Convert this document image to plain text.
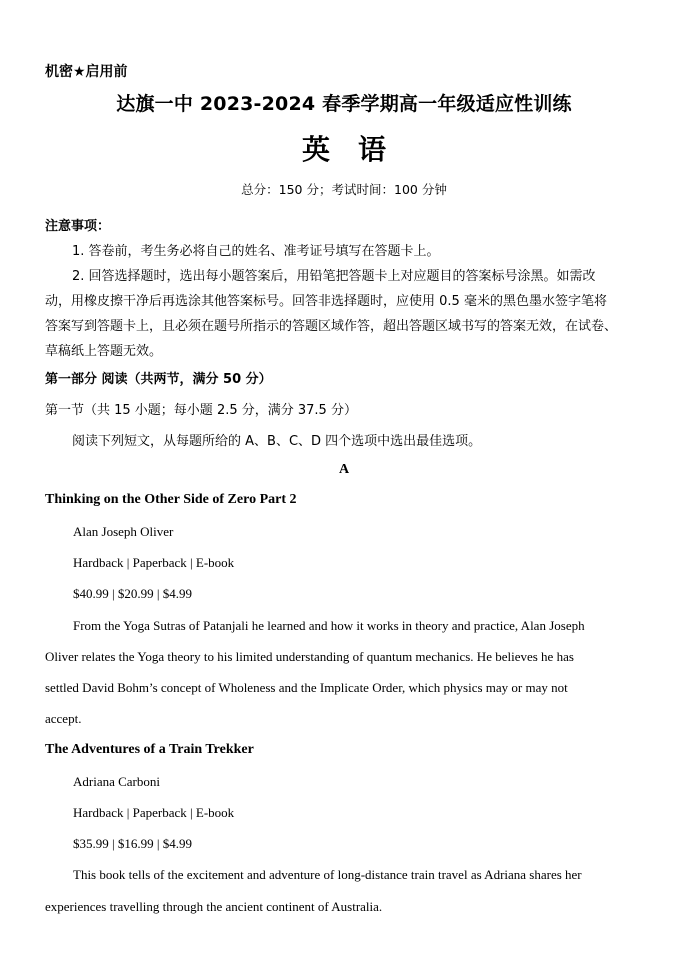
机密★启用前
达旗一中 2023-2024 春季学期高一年级适应性训练
英　语
总分：150 分；考试时间：100 分钟
注意事项：
1. 答卷前，考生务必将自己的姓名、准考证号填写在答题卡上。
2. 回答选择题时，选出每小题答案后，用铅笔把答题卡上对应题目的答案标号涂黑。如需改
动，用橡皮擦干净后再选涂其他答案标号。回答非选择题时，应使用 0.5 毫米的黑色墨水签字笔将
答案写到答题卡上，且必须在题号所指示的答题区域作答，超出答题区域书写的答案无效，在试卷、
草稿纸上答题无效。
第一部分 阅读（共两节，满分 50 分）
第一节（共 15 小题；每小题 2.5 分，满分 37.5 分）
阅读下列短文，从每题所给的 A、B、C、D 四个选项中选出最佳选项。
A
Thinking on the Other Side of Zero Part 2
Alan Joseph Oliver
Hardback | Paperback | E-book
$40.99 | $20.99 | $4.99
From the Yoga Sutras of Patanjali he learned and how it works in theory and practice, Alan Joseph
Oliver relates the Yoga theory to his limited understanding of quantum mechanics. He believes he has
settled David Bohm’s concept of Wholeness and the Implicate Order, which physics may or may not
accept.
The Adventures of a Train Trekker
Adriana Carboni
Hardback | Paperback | E-book
$35.99 | $16.99 | $4.99
This book tells of the excitement and adventure of long-distance train travel as Adriana shares her
experiences travelling through the ancient continent of Australia.
